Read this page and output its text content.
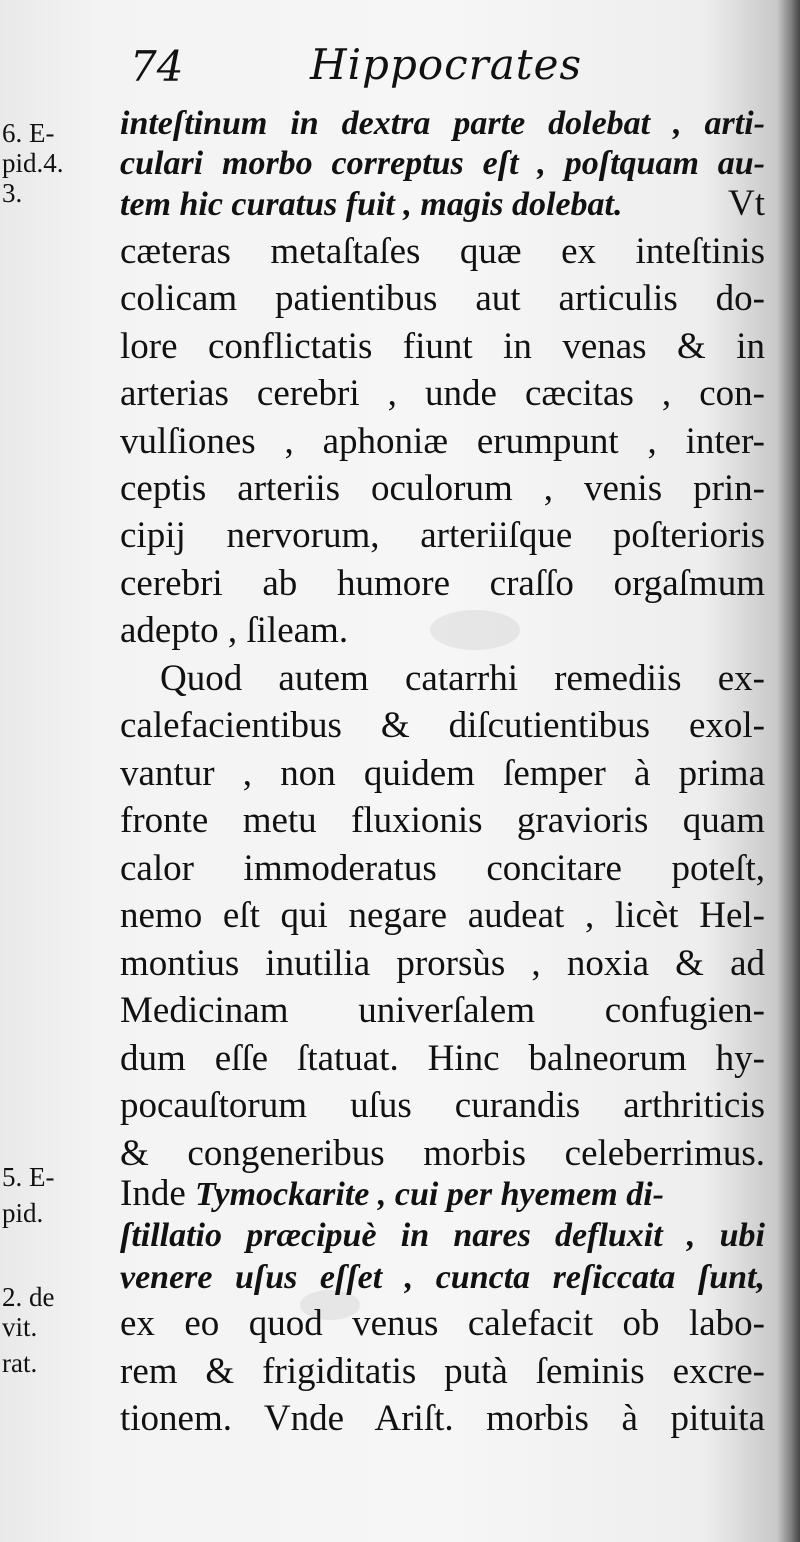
74	Hippocrates
6. E-
pid.4.
3.
5. E-
pid.
2. de
vit.
rat.
inteſtinum in dextra parte dolebat , arti-
culari morbo correptus eſt , poſtquam au-
tem hic curatus fuit , magis dolebat.	Vt
cæteras metaſtaſes quæ ex inteſtinis
colicam patientibus aut articulis do-
lore conflictatis fiunt in venas & in
arterias cerebri , unde cæcitas , con-
vulſiones , aphoniæ erumpunt , inter-
ceptis arteriis oculorum , venis prin-
cipij nervorum, arteriiſque poſterioris
cerebri ab humore craſſo orgaſmum
adepto , ſileam.
Quod autem catarrhi remediis ex-
calefacientibus & diſcutientibus exol-
vantur , non quidem ſemper à prima
fronte metu fluxionis gravioris quam
calor immoderatus concitare poteſt,
nemo eſt qui negare audeat , licèt Hel-
montius inutilia prorsùs , noxia & ad
Medicinam univerſalem confugien-
dum eſſe ſtatuat. Hinc balneorum hy-
pocauſtorum uſus curandis arthriticis
& congeneribus morbis celeberrimus.
Inde Tymockarite , cui per hyemem di-
ſtillatio præcipuè in nares defluxit , ubi
venere uſus eſſet , cuncta reſiccata ſunt,
ex eo quod venus calefacit ob labo-
rem & frigiditatis putà ſeminis excre-
tionem. Vnde Ariſt. morbis à pituita
